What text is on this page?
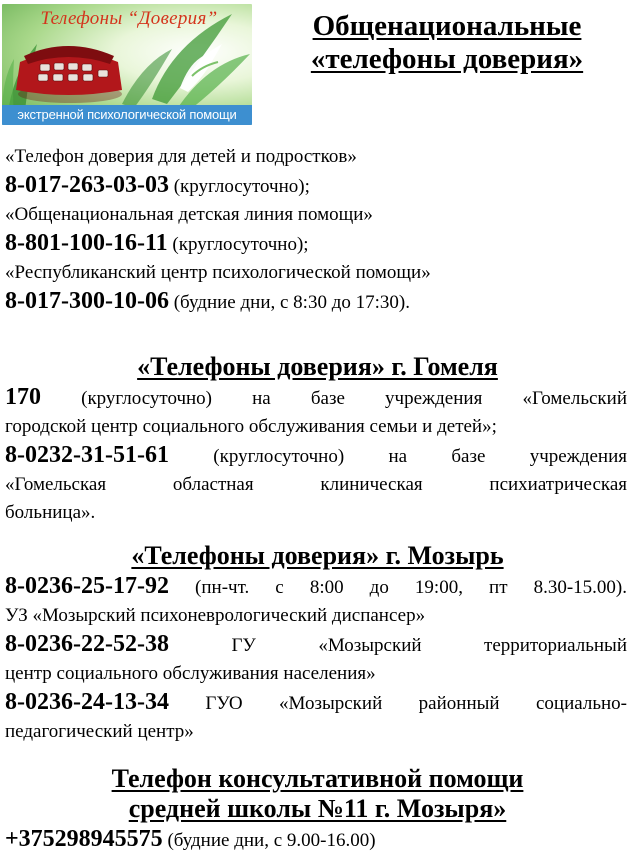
Телефоны “Доверия”
экстренной психологической помощи
Общенациональные
«телефоны доверия»
«Телефон доверия для детей и подростков»
8-017-263-03-03 (круглосуточно);
«Общенациональная детская линия помощи»
8-801-100-16-11 (круглосуточно);
«Республиканский центр психологической помощи»
8-017-300-10-06 (будние дни, с 8:30 до 17:30).
«Телефоны доверия» г. Гомеля
170 (круглосуточно) на базе учреждения «Гомельский
городской центр социального обслуживания семьи и детей»;
8-0232-31-51-61 (круглосуточно) на базе учреждения
«Гомельская областная клиническая психиатрическая
больница».
«Телефоны доверия» г. Мозырь
8-0236-25-17-92 (пн-чт. с 8:00 до 19:00, пт 8.30-15.00).
УЗ «Мозырский психоневрологический диспансер»
8-0236-22-52-38 ГУ «Мозырский территориальный
центр социального обслуживания населения»
8-0236-24-13-34 ГУО «Мозырский районный социально-
педагогический центр»
Телефон консультативной помощи
средней школы №11 г. Мозыря»
+375298945575 (будние дни, с 9.00-16.00)
